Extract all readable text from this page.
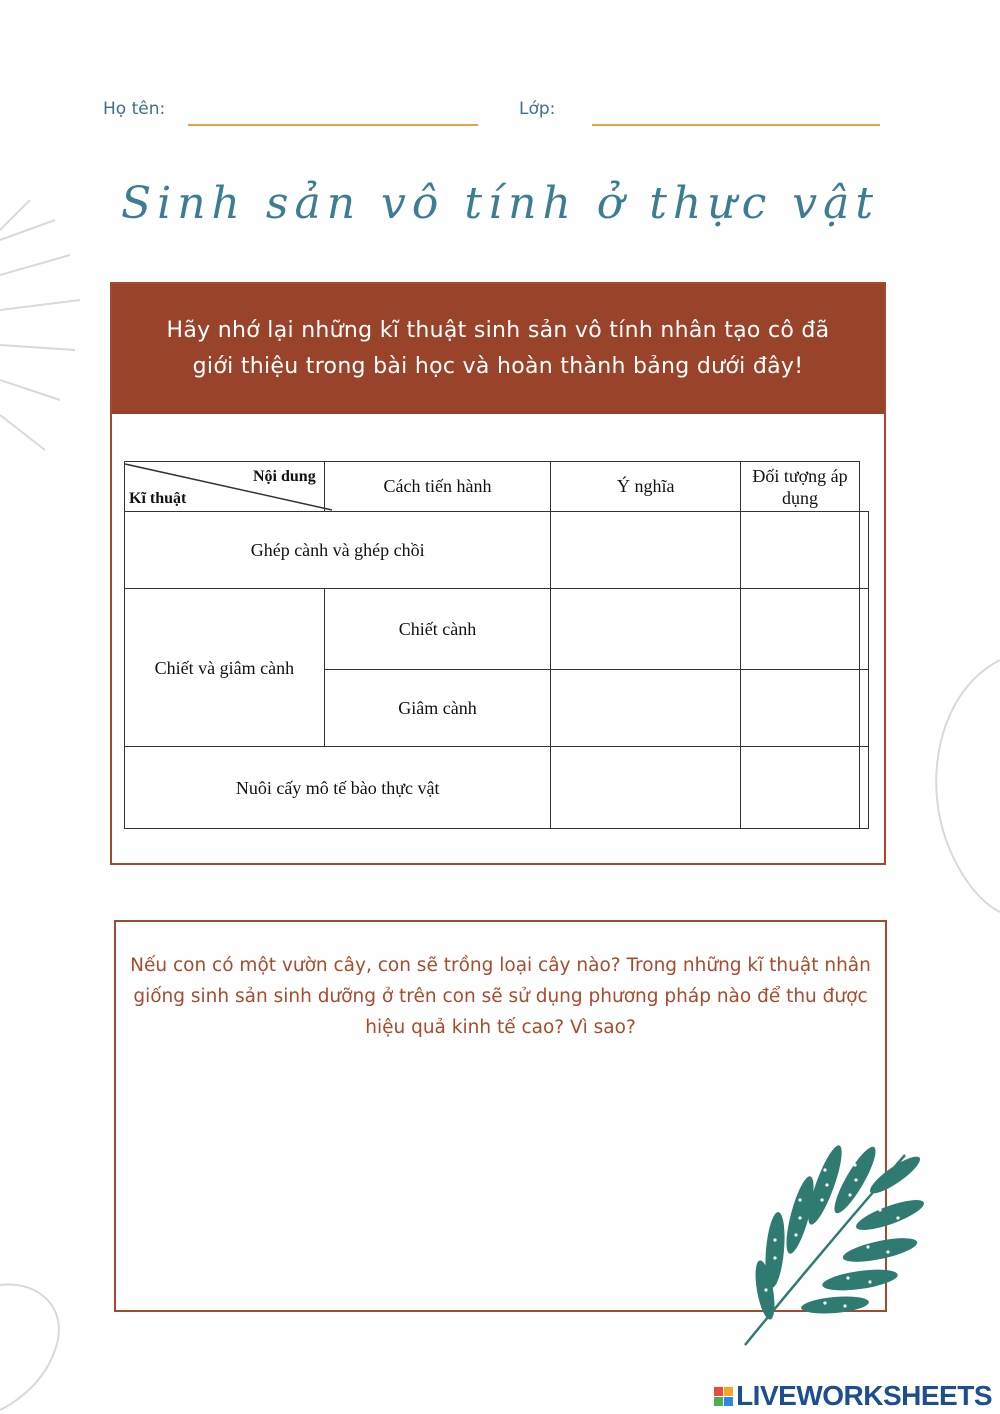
Họ tên:	Lớp:
Sinh sản vô tính ở thực vật
Hãy nhớ lại những kĩ thuật sinh sản vô tính nhân tạo cô đã giới thiệu trong bài học và hoàn thành bảng dưới đây!
Nội dung
Kĩ thuật	Cách tiến hành	Ý nghĩa	Đối tượng áp dụng	
Ghép cành và ghép chồi				
Chiết và giâm cành	Chiết cành			
	Giâm cành			
Nuôi cấy mô tế bào thực vật				
Nếu con có một vườn cây, con sẽ trồng loại cây nào? Trong những kĩ thuật nhân giống sinh sản sinh dưỡng ở trên con sẽ sử dụng phương pháp nào để thu được hiệu quả kinh tế cao? Vì sao?
LIVEWORKSHEETS
